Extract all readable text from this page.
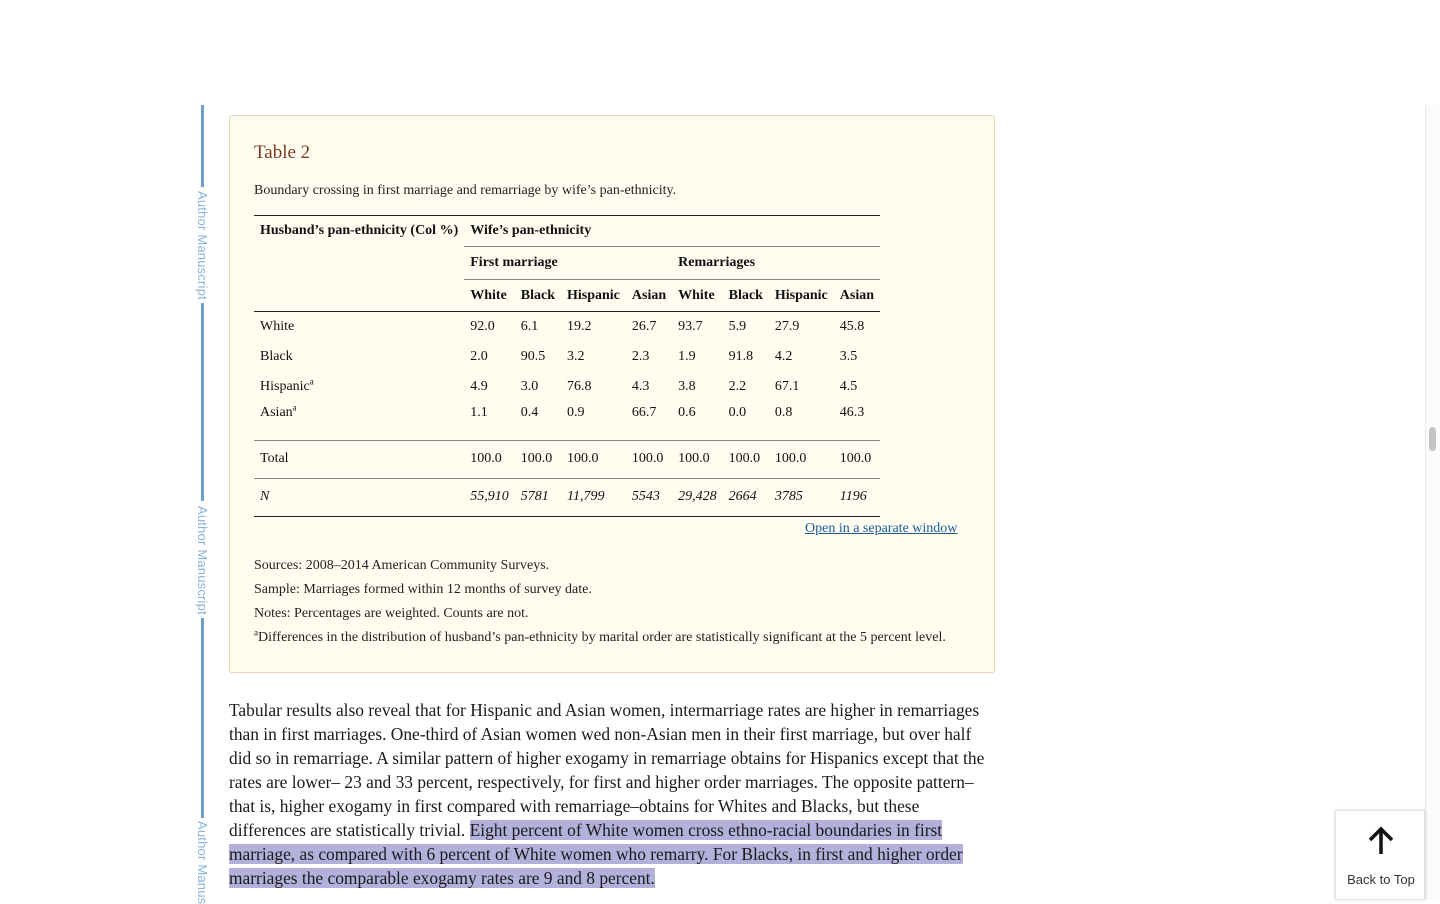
Author Manuscript
Author Manuscript
Author Manus
Table 2
Boundary crossing in first marriage and remarriage by wife’s pan-ethnicity.
Husband’s pan-ethnicity (Col %)	Wife’s pan-ethnicity							
	First marriage				Remarriages			
	White	Black	Hispanic	Asian	White	Black	Hispanic	Asian
White	92.0	6.1	19.2	26.7	93.7	5.9	27.9	45.8
Black	2.0	90.5	3.2	2.3	1.9	91.8	4.2	3.5
Hispanic$^a$	4.9	3.0	76.8	4.3	3.8	2.2	67.1	4.5
Asian$^a$	1.1	0.4	0.9	66.7	0.6	0.0	0.8	46.3
Total	100.0	100.0	100.0	100.0	100.0	100.0	100.0	100.0
N	55,910	5781	11,799	5543	29,428	2664	3785	1196
Open in a separate window
Sources: 2008–2014 American Community Surveys.
Sample: Marriages formed within 12 months of survey date.
Notes: Percentages are weighted. Counts are not.
$^a$Differences in the distribution of husband’s pan-ethnicity by marital order are statistically significant at the 5 percent level.
Tabular results also reveal that for Hispanic and Asian women, intermarriage rates are higher in remarriages than in first marriages. One-third of Asian women wed non-Asian men in their first marriage, but over half did so in remarriage. A similar pattern of higher exogamy in remarriage obtains for Hispanics except that the rates are lower– 23 and 33 percent, respectively, for first and higher order marriages. The opposite pattern–that is, higher exogamy in first compared with remarriage–obtains for Whites and Blacks, but these differences are statistically trivial. Eight percent of White women cross ethno-racial boundaries in first marriage, as compared with 6 percent of White women who remarry. For Blacks, in first and higher order marriages the comparable exogamy rates are 9 and 8 percent.	Back to Top
